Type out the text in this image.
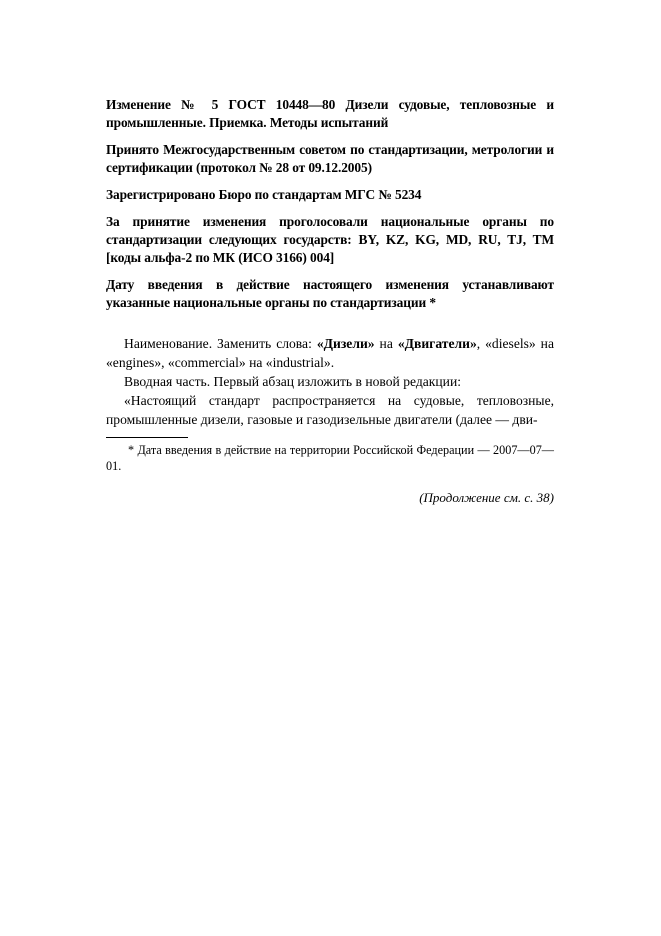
Изменение № 5 ГОСТ 10448—80 Дизели судовые, тепловозные и промышленные. Приемка. Методы испытаний

Принято Межгосударственным советом по стандартизации, метрологии и сертификации (протокол № 28 от 09.12.2005)

Зарегистрировано Бюро по стандартам МГС № 5234

За принятие изменения проголосовали национальные органы по стандартизации следующих государств: BY, KZ, KG, MD, RU, TJ, TM [коды альфа-2 по МК (ИСО 3166) 004]

Дату введения в действие настоящего изменения устанавливают указанные национальные органы по стандартизации *

Наименование. Заменить слова: «Дизели» на «Двигатели», «diesels» на «engines», «commercial» на «industrial».

Вводная часть. Первый абзац изложить в новой редакции:

«Настоящий стандарт распространяется на судовые, тепловозные, промышленные дизели, газовые и газодизельные двигатели (далее — дви-

* Дата введения в действие на территории Российской Федерации — 2007—07—01.

(Продолжение см. с. 38)
